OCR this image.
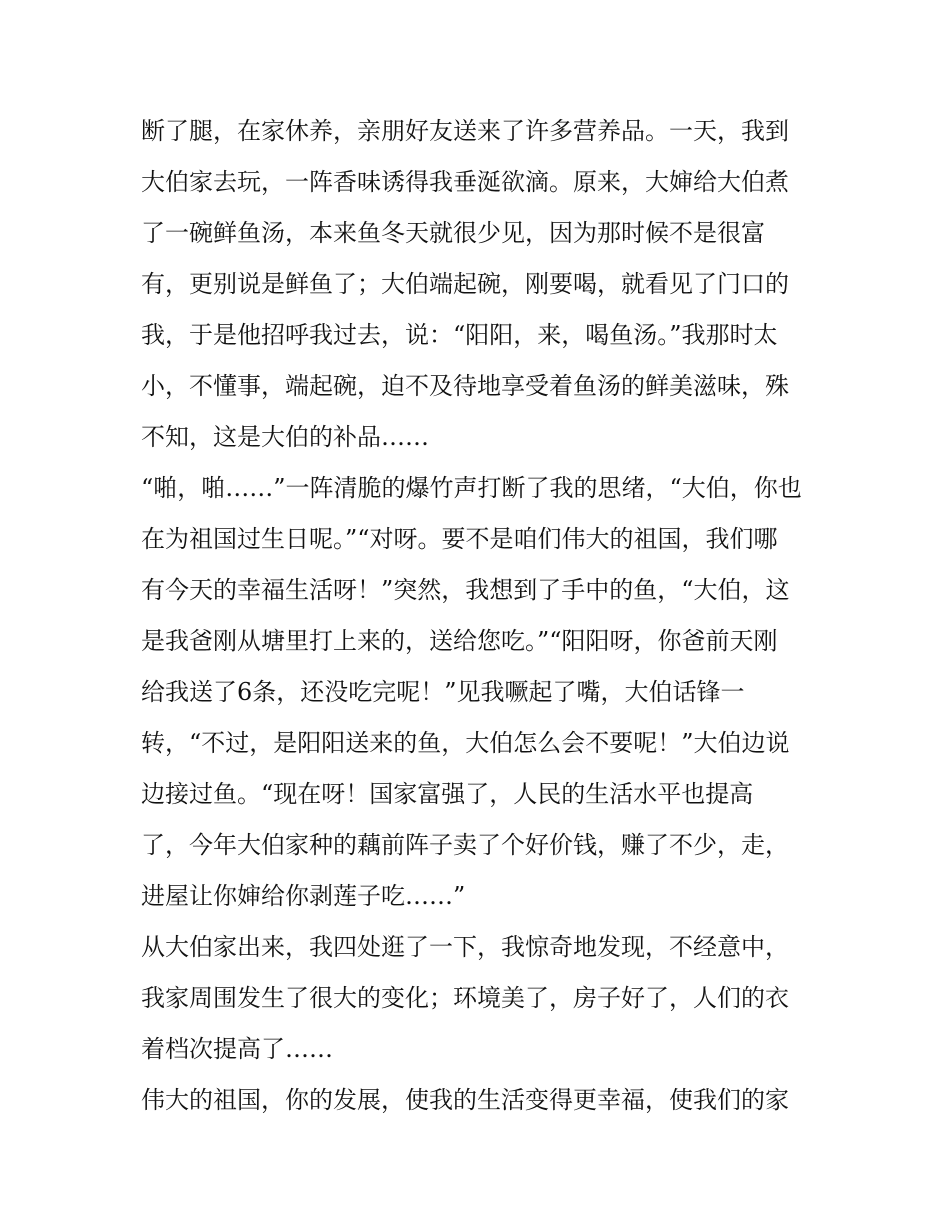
断了腿，在家休养，亲朋好友送来了许多营养品。一天，我到
大伯家去玩，一阵香味诱得我垂涎欲滴。原来，大婶给大伯煮
了一碗鲜鱼汤，本来鱼冬天就很少见，因为那时候不是很富
有，更别说是鲜鱼了；大伯端起碗，刚要喝，就看见了门口的
我，于是他招呼我过去，说：“阳阳，来，喝鱼汤。”我那时太
小，不懂事，端起碗，迫不及待地享受着鱼汤的鲜美滋味，殊
不知，这是大伯的补品……
“啪，啪……”一阵清脆的爆竹声打断了我的思绪，“大伯，你也
在为祖国过生日呢。”“对呀。要不是咱们伟大的祖国，我们哪
有今天的幸福生活呀！”突然，我想到了手中的鱼，“大伯，这
是我爸刚从塘里打上来的，送给您吃。”“阳阳呀，你爸前天刚
给我送了6条，还没吃完呢！”见我噘起了嘴，大伯话锋一
转，“不过，是阳阳送来的鱼，大伯怎么会不要呢！”大伯边说
边接过鱼。“现在呀！国家富强了，人民的生活水平也提高
了，今年大伯家种的藕前阵子卖了个好价钱，赚了不少，走，
进屋让你婶给你剥莲子吃……”
从大伯家出来，我四处逛了一下，我惊奇地发现，不经意中，
我家周围发生了很大的变化；环境美了，房子好了，人们的衣
着档次提高了……
伟大的祖国，你的发展，使我的生活变得更幸福，使我们的家
